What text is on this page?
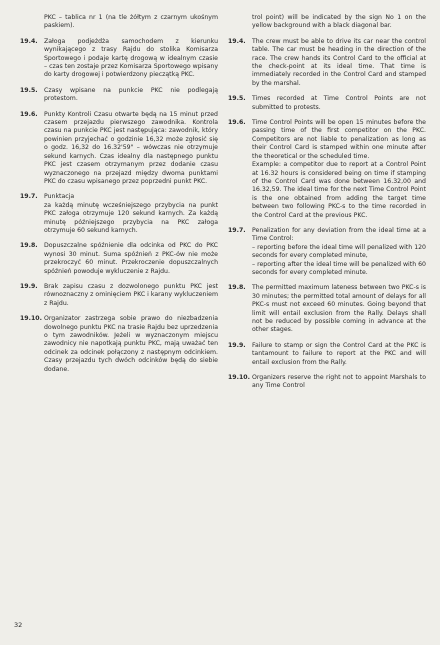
PKC – tablica nr 1 (na tle żółtym z czarnym ukośnym paskiem).
19.4.	Załoga podjeżdża samochodem z kierunku wynikającego z trasy Rajdu do stolika Komisarza Sportowego i podaje kartę drogową w idealnym czasie – czas ten zostaje przez Komisarza Sportowego wpisany do karty drogowej i potwierdzony pieczątką PKC.
19.5.	Czasy wpisane na punkcie PKC nie podlegają protestom.
19.6.	Punkty Kontroli Czasu otwarte będą na 15 minut przed czasem przejazdu pierwszego zawodnika. Kontrola czasu na punkcie PKC jest następująca: zawodnik, który powinien przyjechać o godzinie 16,32 może zgłosić się o godz. 16,32 do 16.32'59" – wówczas nie otrzymuje sekund karnych. Czas idealny dla następnego punktu PKC jest czasem otrzymanym przez dodanie czasu wyznaczonego na przejazd między dwoma punktami PKC do czasu wpisanego przez poprzedni punkt PKC.
19.7.	Punktacja
za każdą minutę wcześniejszego przybycia na punkt PKC załoga otrzymuje 120 sekund karnych. Za każdą minutę późniejszego przybycia na PKC załoga otrzymuje 60 sekund karnych.
19.8.	Dopuszczalne spóźnienie dla odcinka od PKC do PKC wynosi 30 minut. Suma spóźnień z PKC-ów nie może przekroczyć 60 minut. Przekroczenie dopuszczalnych spóźnień powoduje wykluczenie z Rajdu.
19.9.	Brak zapisu czasu z dozwolonego punktu PKC jest równoznaczny z ominięciem PKC i karany wykluczeniem z Rajdu.
19.10. Organizator zastrzega sobie prawo do niezbadzenia dowolnego punktu PKC na trasie Rajdu bez uprzedzenia o tym zawodników. Jeżeli w wyznaczonym miejscu zawodnicy nie napotkają punktu PKC, mają uważać ten odcinek za odcinek połączony z następnym odcinkiem. Czasy przejazdu tych dwóch odcinków będą do siebie dodane.
trol point) will be indicated by the sign No 1 on the yellow background with a black diagonal bar.
19.4.	The crew must be able to drive its car near the control table. The car must be heading in the direction of the race. The crew hands its Control Card to the official at the check-point at its ideal time. That time is immediately recorded in the Control Card and stamped by the marshal.
19.5.	Times recorded at Time Control Points are not submitted to protests.
19.6.	Time Control Points will be open 15 minutes before the passing time of the first competitor on the PKC. Competitors are not liable to penalization as long as their Control Card is stamped within one minute after the theoretical or the scheduled time.
Example: a competitor due to report at a Control Point at 16.32 hours is considered being on time if stamping of the Control Card was done between 16.32,00 and 16.32,59. The ideal time for the next Time Control Point is the one obtained from adding the target time between two following PKC-s to the time recorded in the Control Card at the previous PKC.
19.7.	Penalization for any deviation from the ideal time at a Time Control:
– reporting before the ideal time will penalized with 120 seconds for every completed minute,
– reporting after the ideal time will be penalized with 60 seconds for every completed minute.
19.8.	The permitted maximum lateness between two PKC-s is 30 minutes; the permitted total amount of delays for all PKC-s must not exceed 60 minutes. Going beyond that limit will entail exclusion from the Rally. Delays shall not be reduced by possible coming in advance at the other stages.
19.9.	Failure to stamp or sign the Control Card at the PKC is tantamount to failure to report at the PKC and will entail exclusion from the Rally.
19.10. Organizers reserve the right not to appoint Marshals to any Time Control
32
